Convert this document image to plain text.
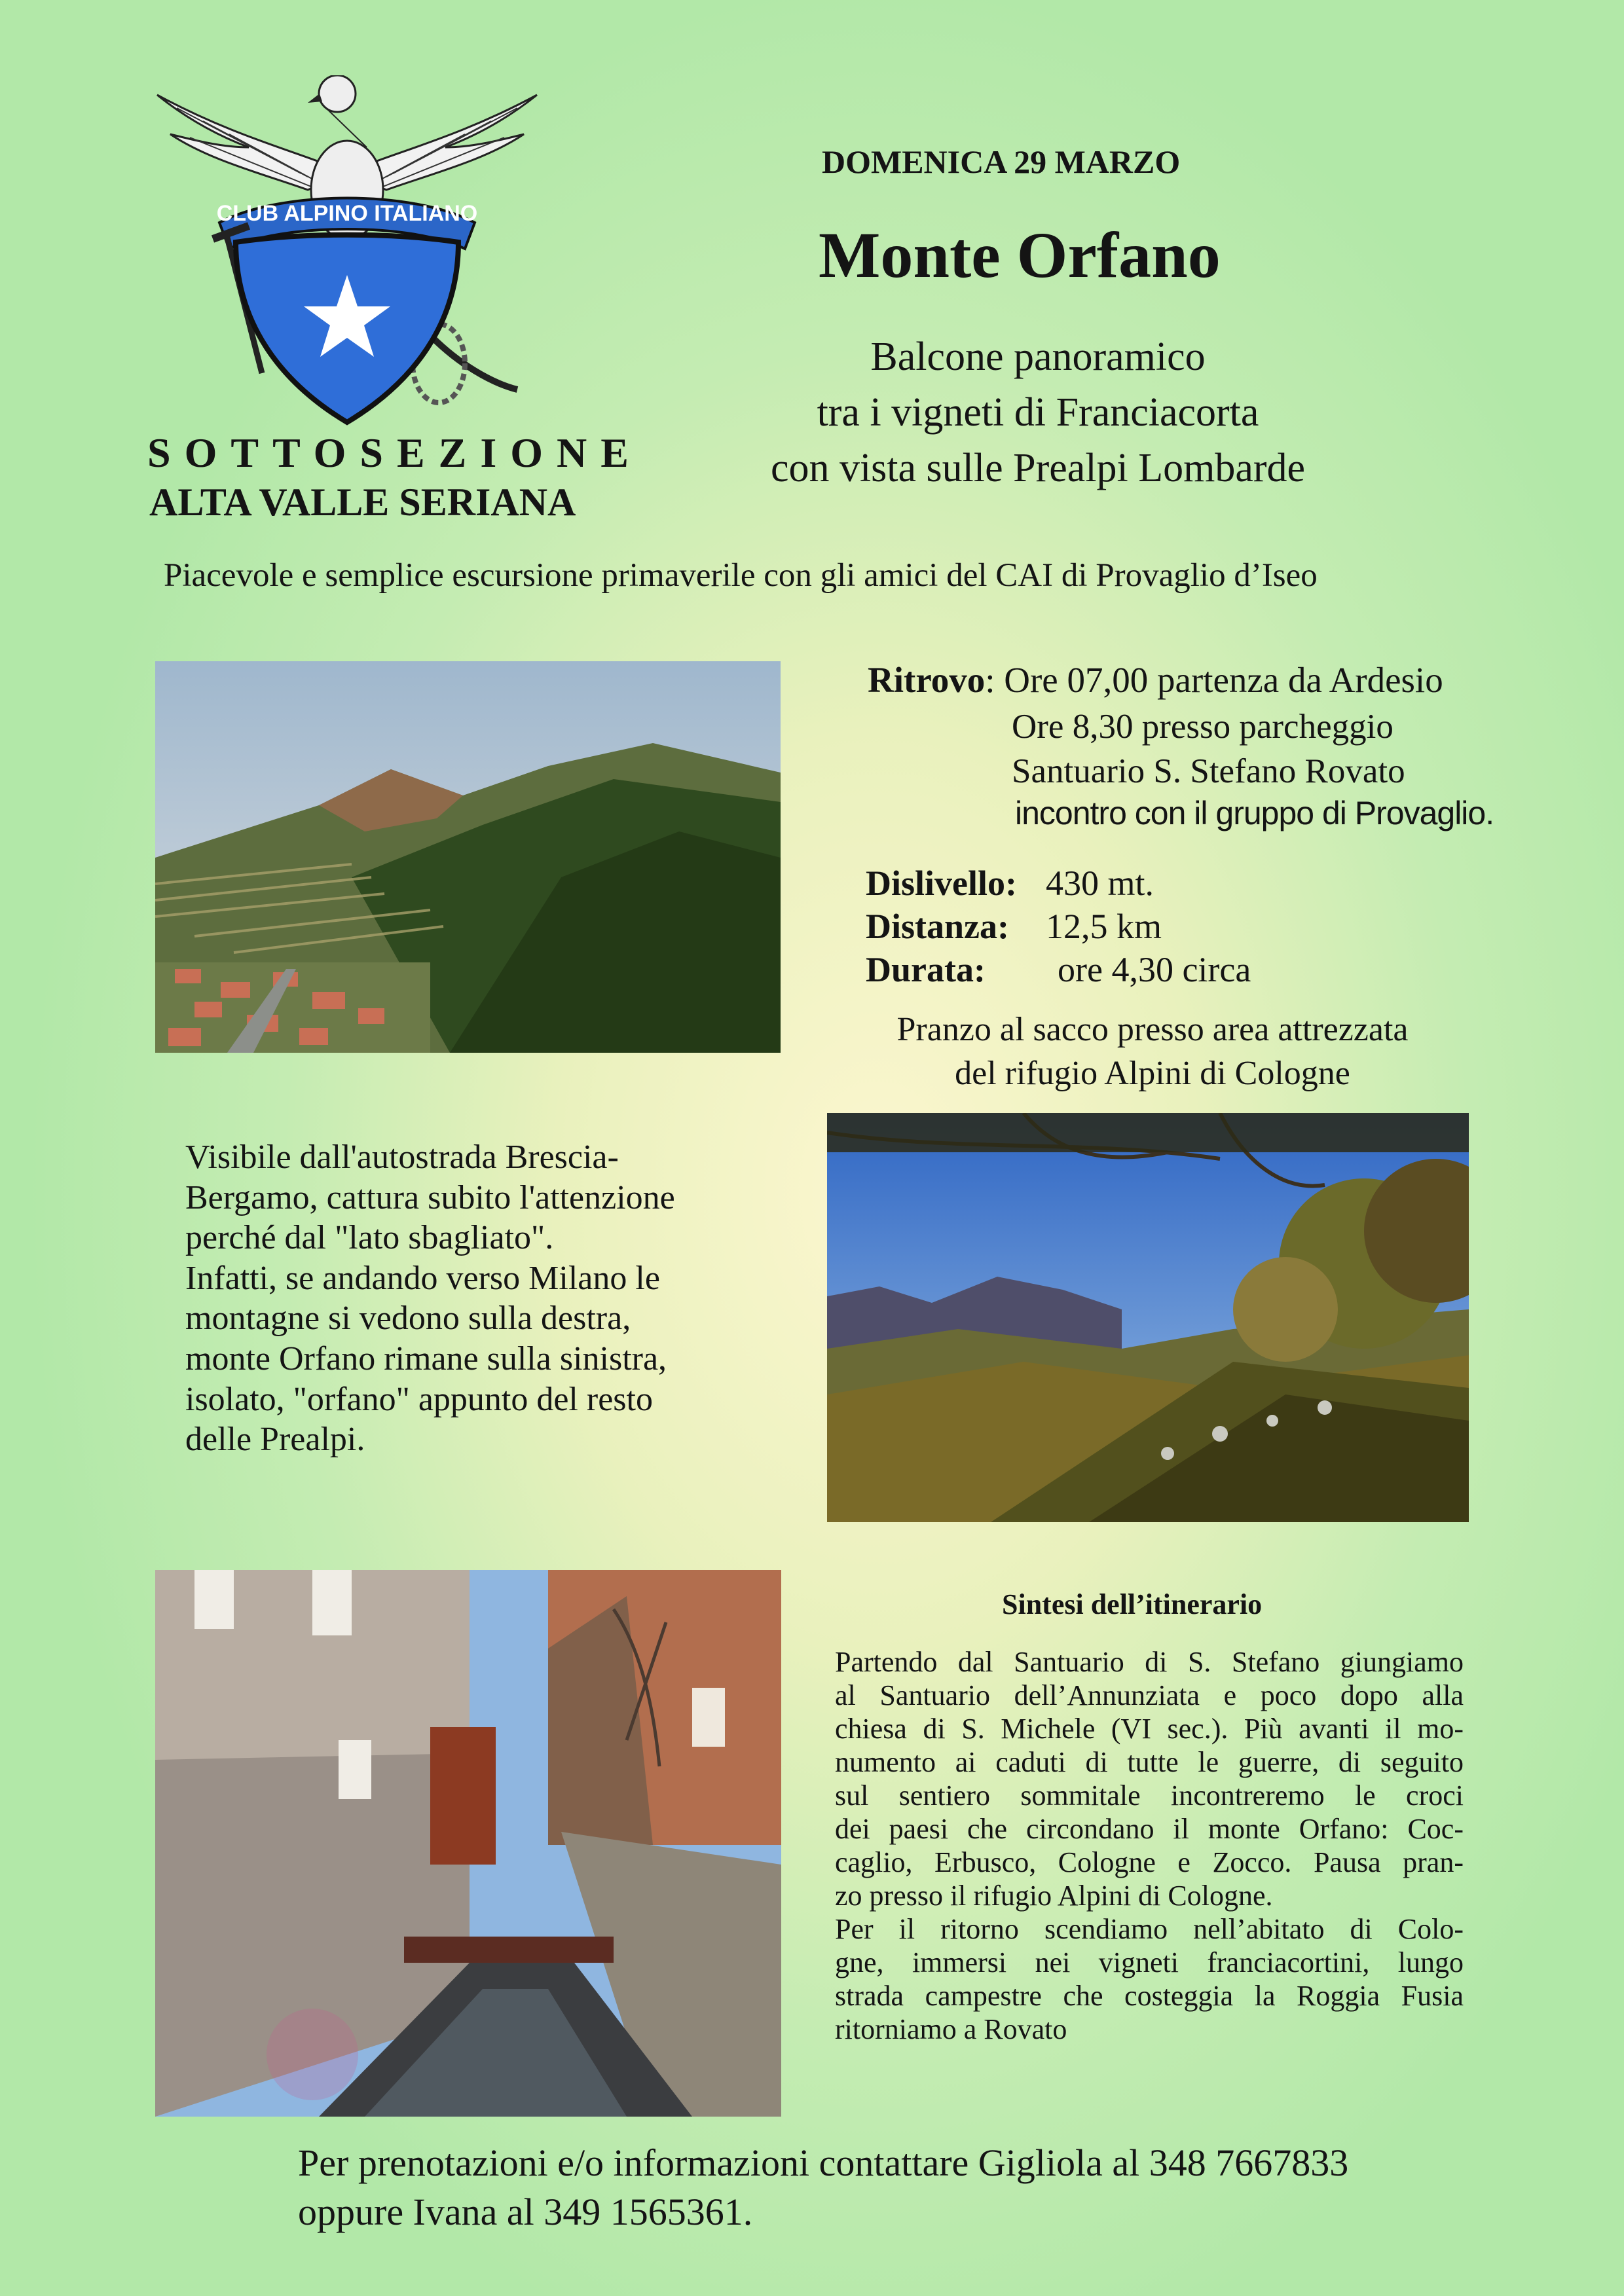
CLUB ALPINO ITALIANO

SOTTOSEZIONE

ALTA VALLE SERIANA

DOMENICA 29 MARZO

Monte Orfano

Balcone panoramico

tra i vigneti di Franciacorta

con vista sulle Prealpi Lombarde

Piacevole e semplice escursione primaverile con gli amici del CAI di Provaglio d’Iseo

Ritrovo: Ore 07,00 partenza da Ardesio

Ore 8,30 presso parcheggio

Santuario S. Stefano Rovato

incontro con il gruppo di Provaglio.

Dislivello: 430 mt.

Distanza: 12,5 km

Durata: ore 4,30 circa

Pranzo al sacco presso area attrezzata

del rifugio Alpini di Cologne

Visibile dall'autostrada Brescia-

Bergamo, cattura subito l'attenzione

perché dal "lato sbagliato".

Infatti, se andando verso Milano le

montagne si vedono sulla destra,

monte Orfano rimane sulla sinistra,

isolato, "orfano" appunto del resto

delle Prealpi.

Sintesi dell’itinerario

Partendo dal Santuario di S. Stefano giungiamo

al Santuario dell’Annunziata e poco dopo alla

chiesa di S. Michele (VI sec.). Più avanti il mo-

numento ai caduti di tutte le guerre, di seguito

sul sentiero sommitale incontreremo le croci

dei paesi che circondano il monte Orfano: Coc-

caglio, Erbusco, Cologne e Zocco. Pausa pran-

zo presso il rifugio Alpini di Cologne.

Per il ritorno scendiamo nell’abitato di Colo-

gne, immersi nei vigneti franciacortini, lungo

strada campestre che costeggia la Roggia Fusia

ritorniamo a Rovato

Per prenotazioni e/o informazioni contattare Gigliola al 348 7667833

oppure Ivana al 349 1565361.
